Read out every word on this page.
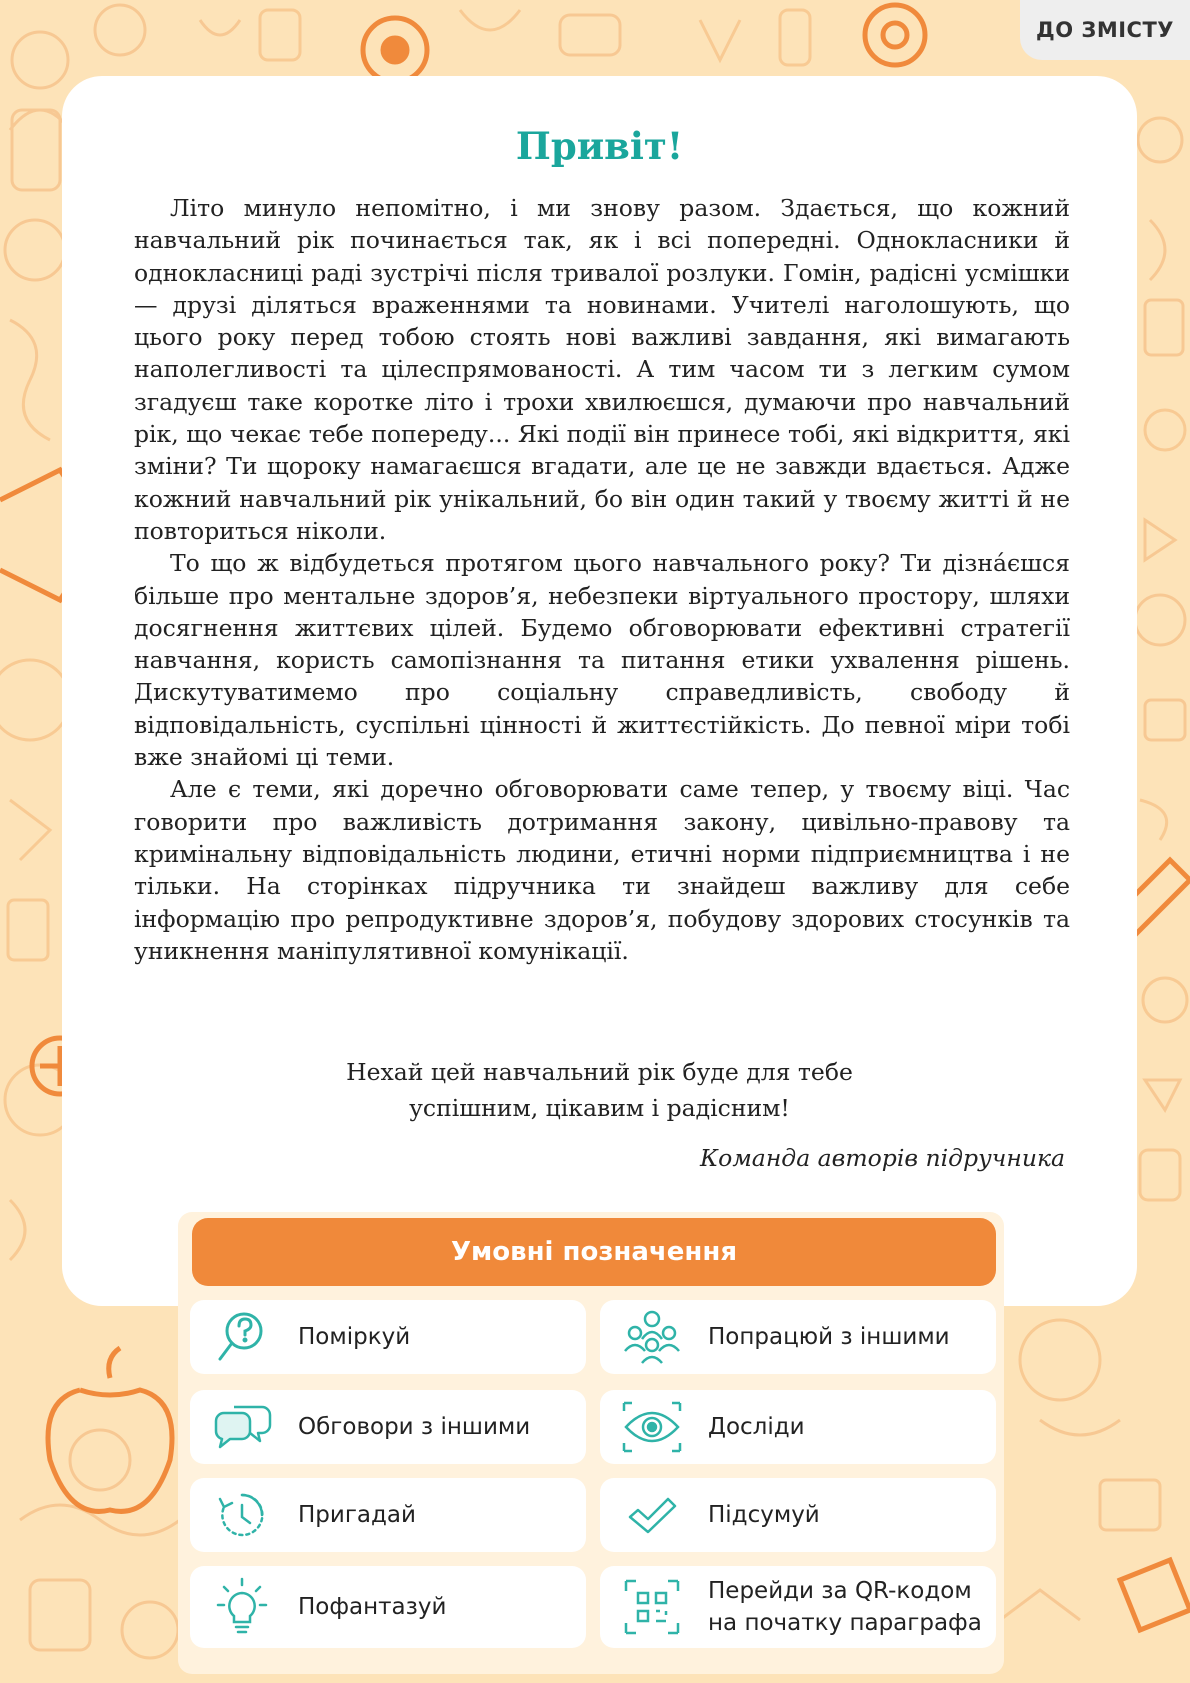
ДО ЗМІСТУ
Привіт!

Літо минуло непомітно, і ми знову разом. Здається, що кожний навчальний рік починається так, як і всі попередні. Однокласники й однокласниці раді зустрічі після тривалої розлуки. Гомін, радісні усмішки — друзі діляться враженнями та новинами. Учителі наголошують, що цього року перед тобою стоять нові важливі завдання, які вимагають наполегливості та цілеспрямованості. А тим часом ти з легким сумом згадуєш таке коротке літо і трохи хвилюєшся, думаючи про навчальний рік, що чекає тебе попереду... Які події він принесе тобі, які відкриття, які зміни? Ти щороку намагаєшся вгадати, але це не завжди вдається. Адже кожний навчальний рік унікальний, бо він один такий у твоєму житті й не повториться ніколи.

То що ж відбудеться протягом цього навчального року? Ти дізна́єшся більше про ментальне здоров’я, небезпеки віртуального простору, шляхи досягнення життєвих цілей. Будемо обговорювати ефективні стратегії навчання, користь самопізнання та питання етики ухвалення рішень. Дискутуватимемо про соціальну справедливість, свободу й відповідальність, суспільні цінності й життєстійкість. До певної міри тобі вже знайомі ці теми.

Але є теми, які доречно обговорювати саме тепер, у твоєму віці. Час говорити про важливість дотримання закону, цивільно-правову та кримінальну відповідальність людини, етичні норми підприємництва і не тільки. На сторінках підручника ти знайдеш важливу для себе інформацію про репродуктивне здоров’я, побудову здорових стосунків та уникнення маніпулятивної комунікації.

Нехай цей навчальний рік буде для тебе
успішним, цікавим і радісним!
Команда авторів підручника
Умовні позначення
Поміркуй	Попрацюй з іншими
Обговори з іншими	Досліди
Пригадай	Підсумуй
Пофантазуй
Перейди за QR-кодом
на початку параграфа
